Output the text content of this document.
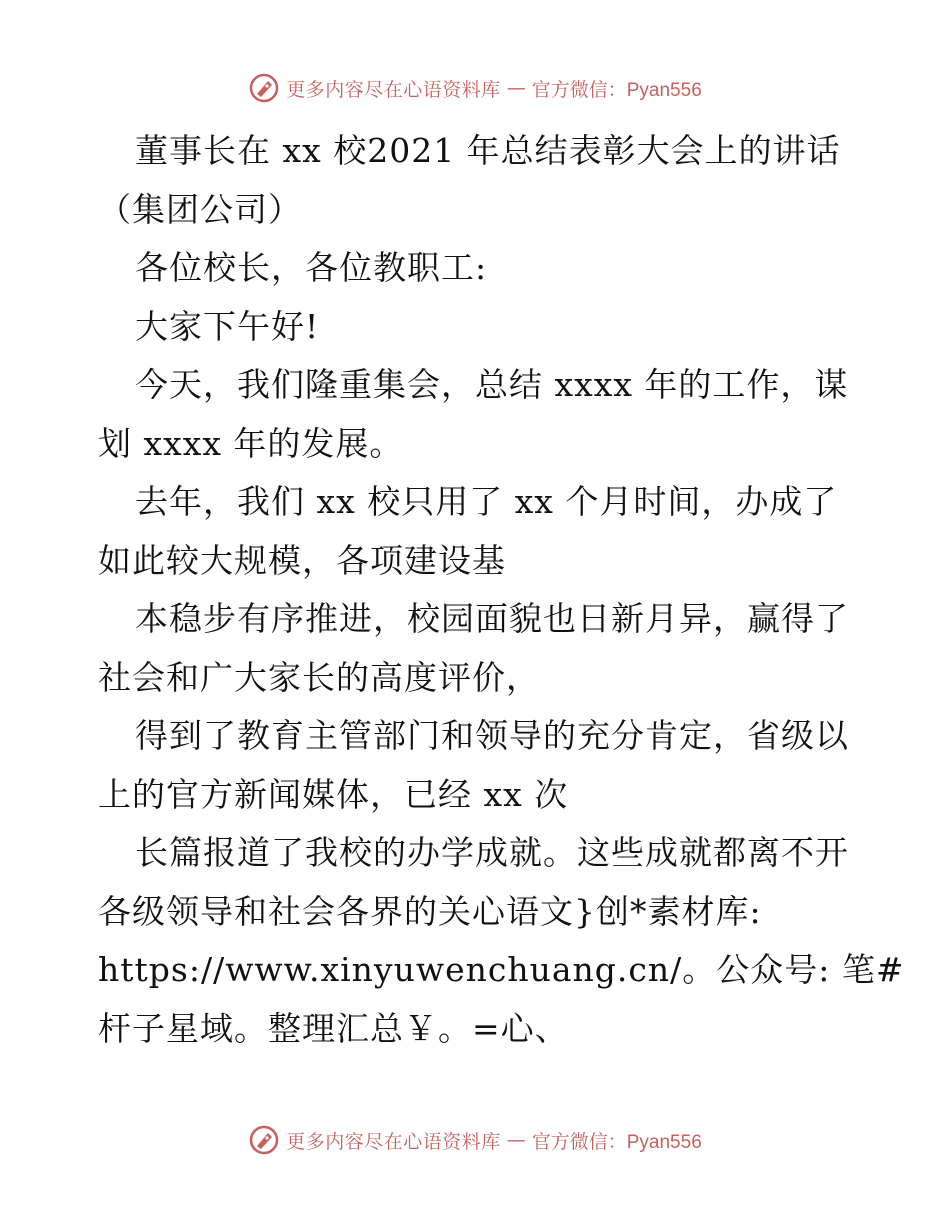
更多内容尽在心语资料库 — 官方微信：Pyan556
董事长在 xx 校2021 年总结表彰大会上的讲话
（集团公司）
各位校长，各位教职工:
大家下午好!
今天，我们隆重集会，总结 xxxx 年的工作，谋
划 xxxx 年的发展。
去年，我们 xx 校只用了 xx 个月时间，办成了
如此较大规模，各项建设基
本稳步有序推进，校园面貌也日新月异，赢得了
社会和广大家长的高度评价，
得到了教育主管部门和领导的充分肯定，省级以
上的官方新闻媒体，已经 xx 次
长篇报道了我校的办学成就。这些成就都离不开
各级领导和社会各界的关心语文}创*素材库:
https://www.xinyuwenchuang.cn/。公众号: 笔#
杆子星域。整理汇总￥。=心、
更多内容尽在心语资料库 — 官方微信：Pyan556
